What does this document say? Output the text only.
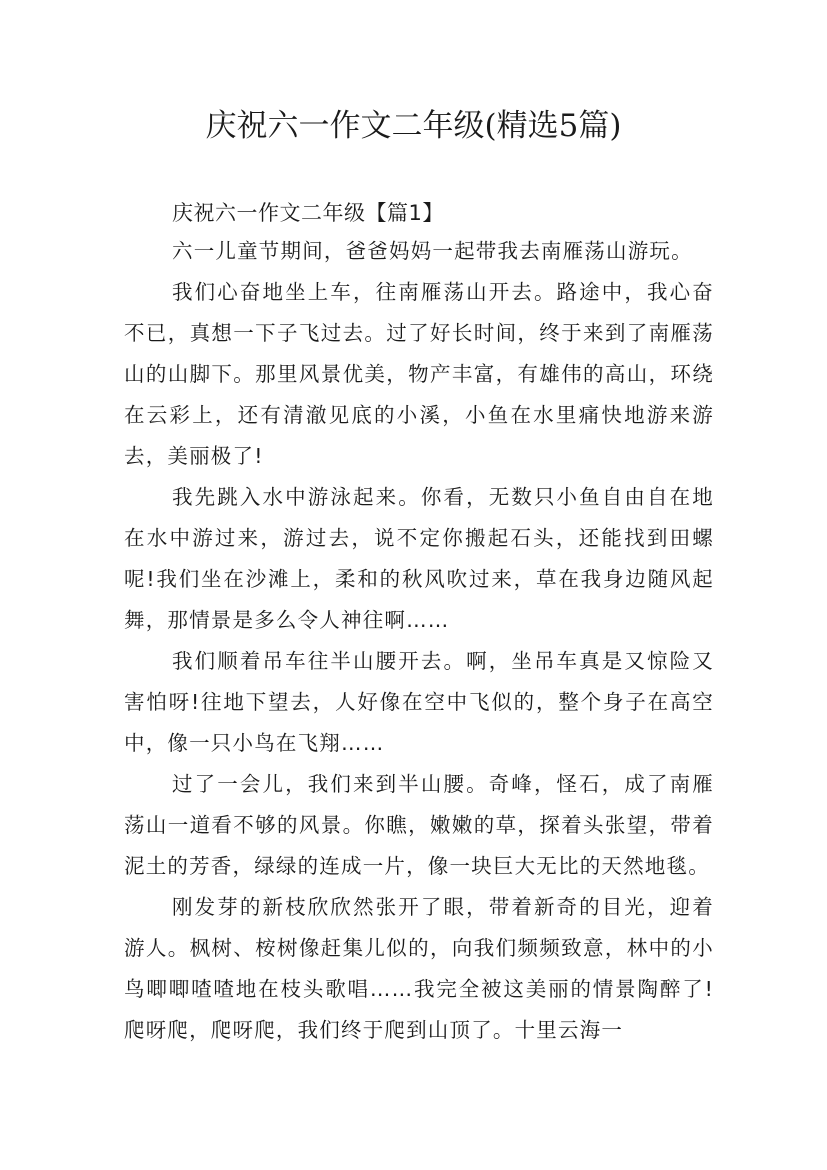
庆祝六一作文二年级(精选5篇)

庆祝六一作文二年级【篇1】

六一儿童节期间，爸爸妈妈一起带我去南雁荡山游玩。

我们心奋地坐上车，往南雁荡山开去。路途中，我心奋不已，真想一下子飞过去。过了好长时间，终于来到了南雁荡山的山脚下。那里风景优美，物产丰富，有雄伟的高山，环绕在云彩上，还有清澈见底的小溪，小鱼在水里痛快地游来游去，美丽极了!

我先跳入水中游泳起来。你看，无数只小鱼自由自在地在水中游过来，游过去，说不定你搬起石头，还能找到田螺呢!我们坐在沙滩上，柔和的秋风吹过来，草在我身边随风起舞，那情景是多么令人神往啊……

我们顺着吊车往半山腰开去。啊，坐吊车真是又惊险又害怕呀!往地下望去，人好像在空中飞似的，整个身子在高空中，像一只小鸟在飞翔……

过了一会儿，我们来到半山腰。奇峰，怪石，成了南雁荡山一道看不够的风景。你瞧，嫩嫩的草，探着头张望，带着泥土的芳香，绿绿的连成一片，像一块巨大无比的天然地毯。

刚发芽的新枝欣欣然张开了眼，带着新奇的目光，迎着游人。枫树、桉树像赶集儿似的，向我们频频致意，林中的小鸟唧唧喳喳地在枝头歌唱……我完全被这美丽的情景陶醉了!爬呀爬，爬呀爬，我们终于爬到山顶了。十里云海一
